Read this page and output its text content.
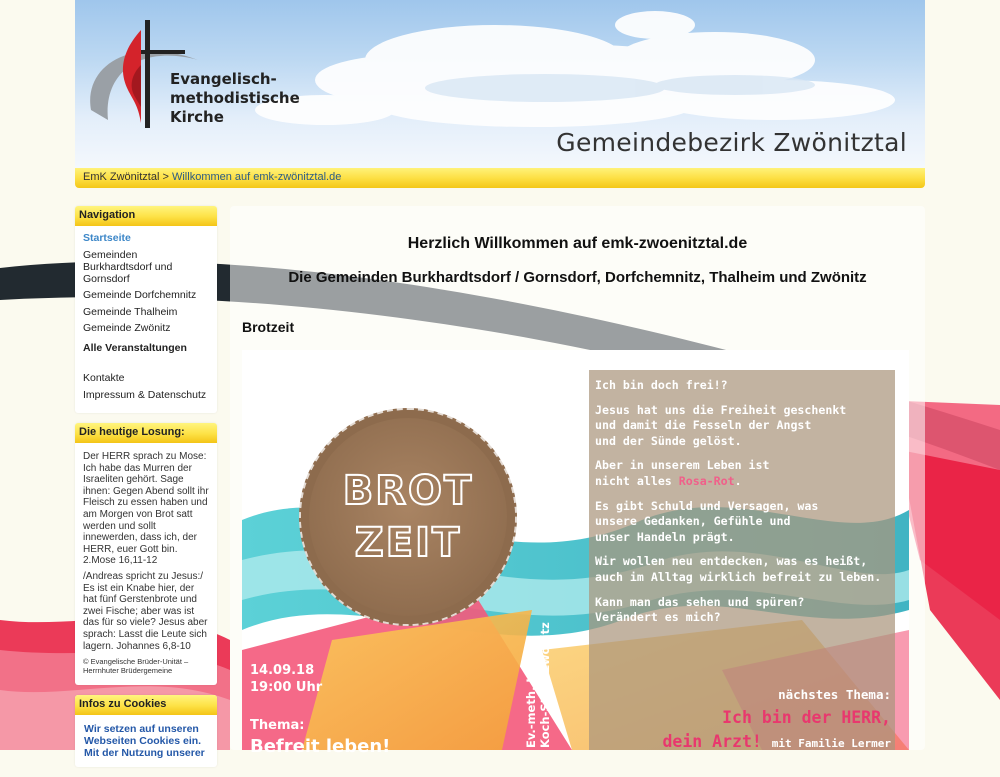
Evangelisch-
methodistische
Kirche
Gemeindebezirk Zwönitztal
EmK Zwönitztal > Willkommen auf emk-zwönitztal.de
Navigation
Startseite
Gemeinden Burkhardtsdorf und Gornsdorf
Gemeinde Dorfchemnitz
Gemeinde Thalheim
Gemeinde Zwönitz
Alle Veranstaltungen
Kontakte
Impressum & Datenschutz
Die heutige Losung:

Der HERR sprach zu Mose: Ich habe das Murren der Israeliten gehört. Sage ihnen: Gegen Abend sollt ihr Fleisch zu essen haben und am Morgen von Brot satt werden und sollt innewerden, dass ich, der HERR, euer Gott bin. 2.Mose 16,11-12

/Andreas spricht zu Jesus:/ Es ist ein Knabe hier, der hat fünf Gerstenbrote und zwei Fische; aber was ist das für so viele? Jesus aber sprach: Lasst die Leute sich lagern. Johannes 6,8-10

© Evangelische Brüder-Unität – Herrnhuter Brüdergemeine

Infos zu Cookies
Wir setzen auf unseren Webseiten Cookies ein. Mit der Nutzung unserer
Herzlich Willkommen auf emk-zwoenitztal.de
Die Gemeinden Burkhardtsdorf / Gornsdorf, Dorfchemnitz, Thalheim und Zwönitz
Brotzeit
BROT
ZEIT
14.09.18
19:00 Uhr
Thema:
Befreit leben!	Ev.-meth. Kirche Koch-Str. 1 Zwönitz

Ich bin doch frei!?

Jesus hat uns die Freiheit geschenkt
und damit die Fesseln der Angst
und der Sünde gelöst.

Aber in unserem Leben ist
nicht alles Rosa-Rot.

Es gibt Schuld und Versagen, was
unsere Gedanken, Gefühle und
unser Handeln prägt.

Wir wollen neu entdecken, was es heißt,
auch im Alltag wirklich befreit zu leben.

Kann man das sehen und spüren?
Verändert es mich?

nächstes Thema:
Ich bin der HERR,
dein Arzt! mit Familie Lermer
